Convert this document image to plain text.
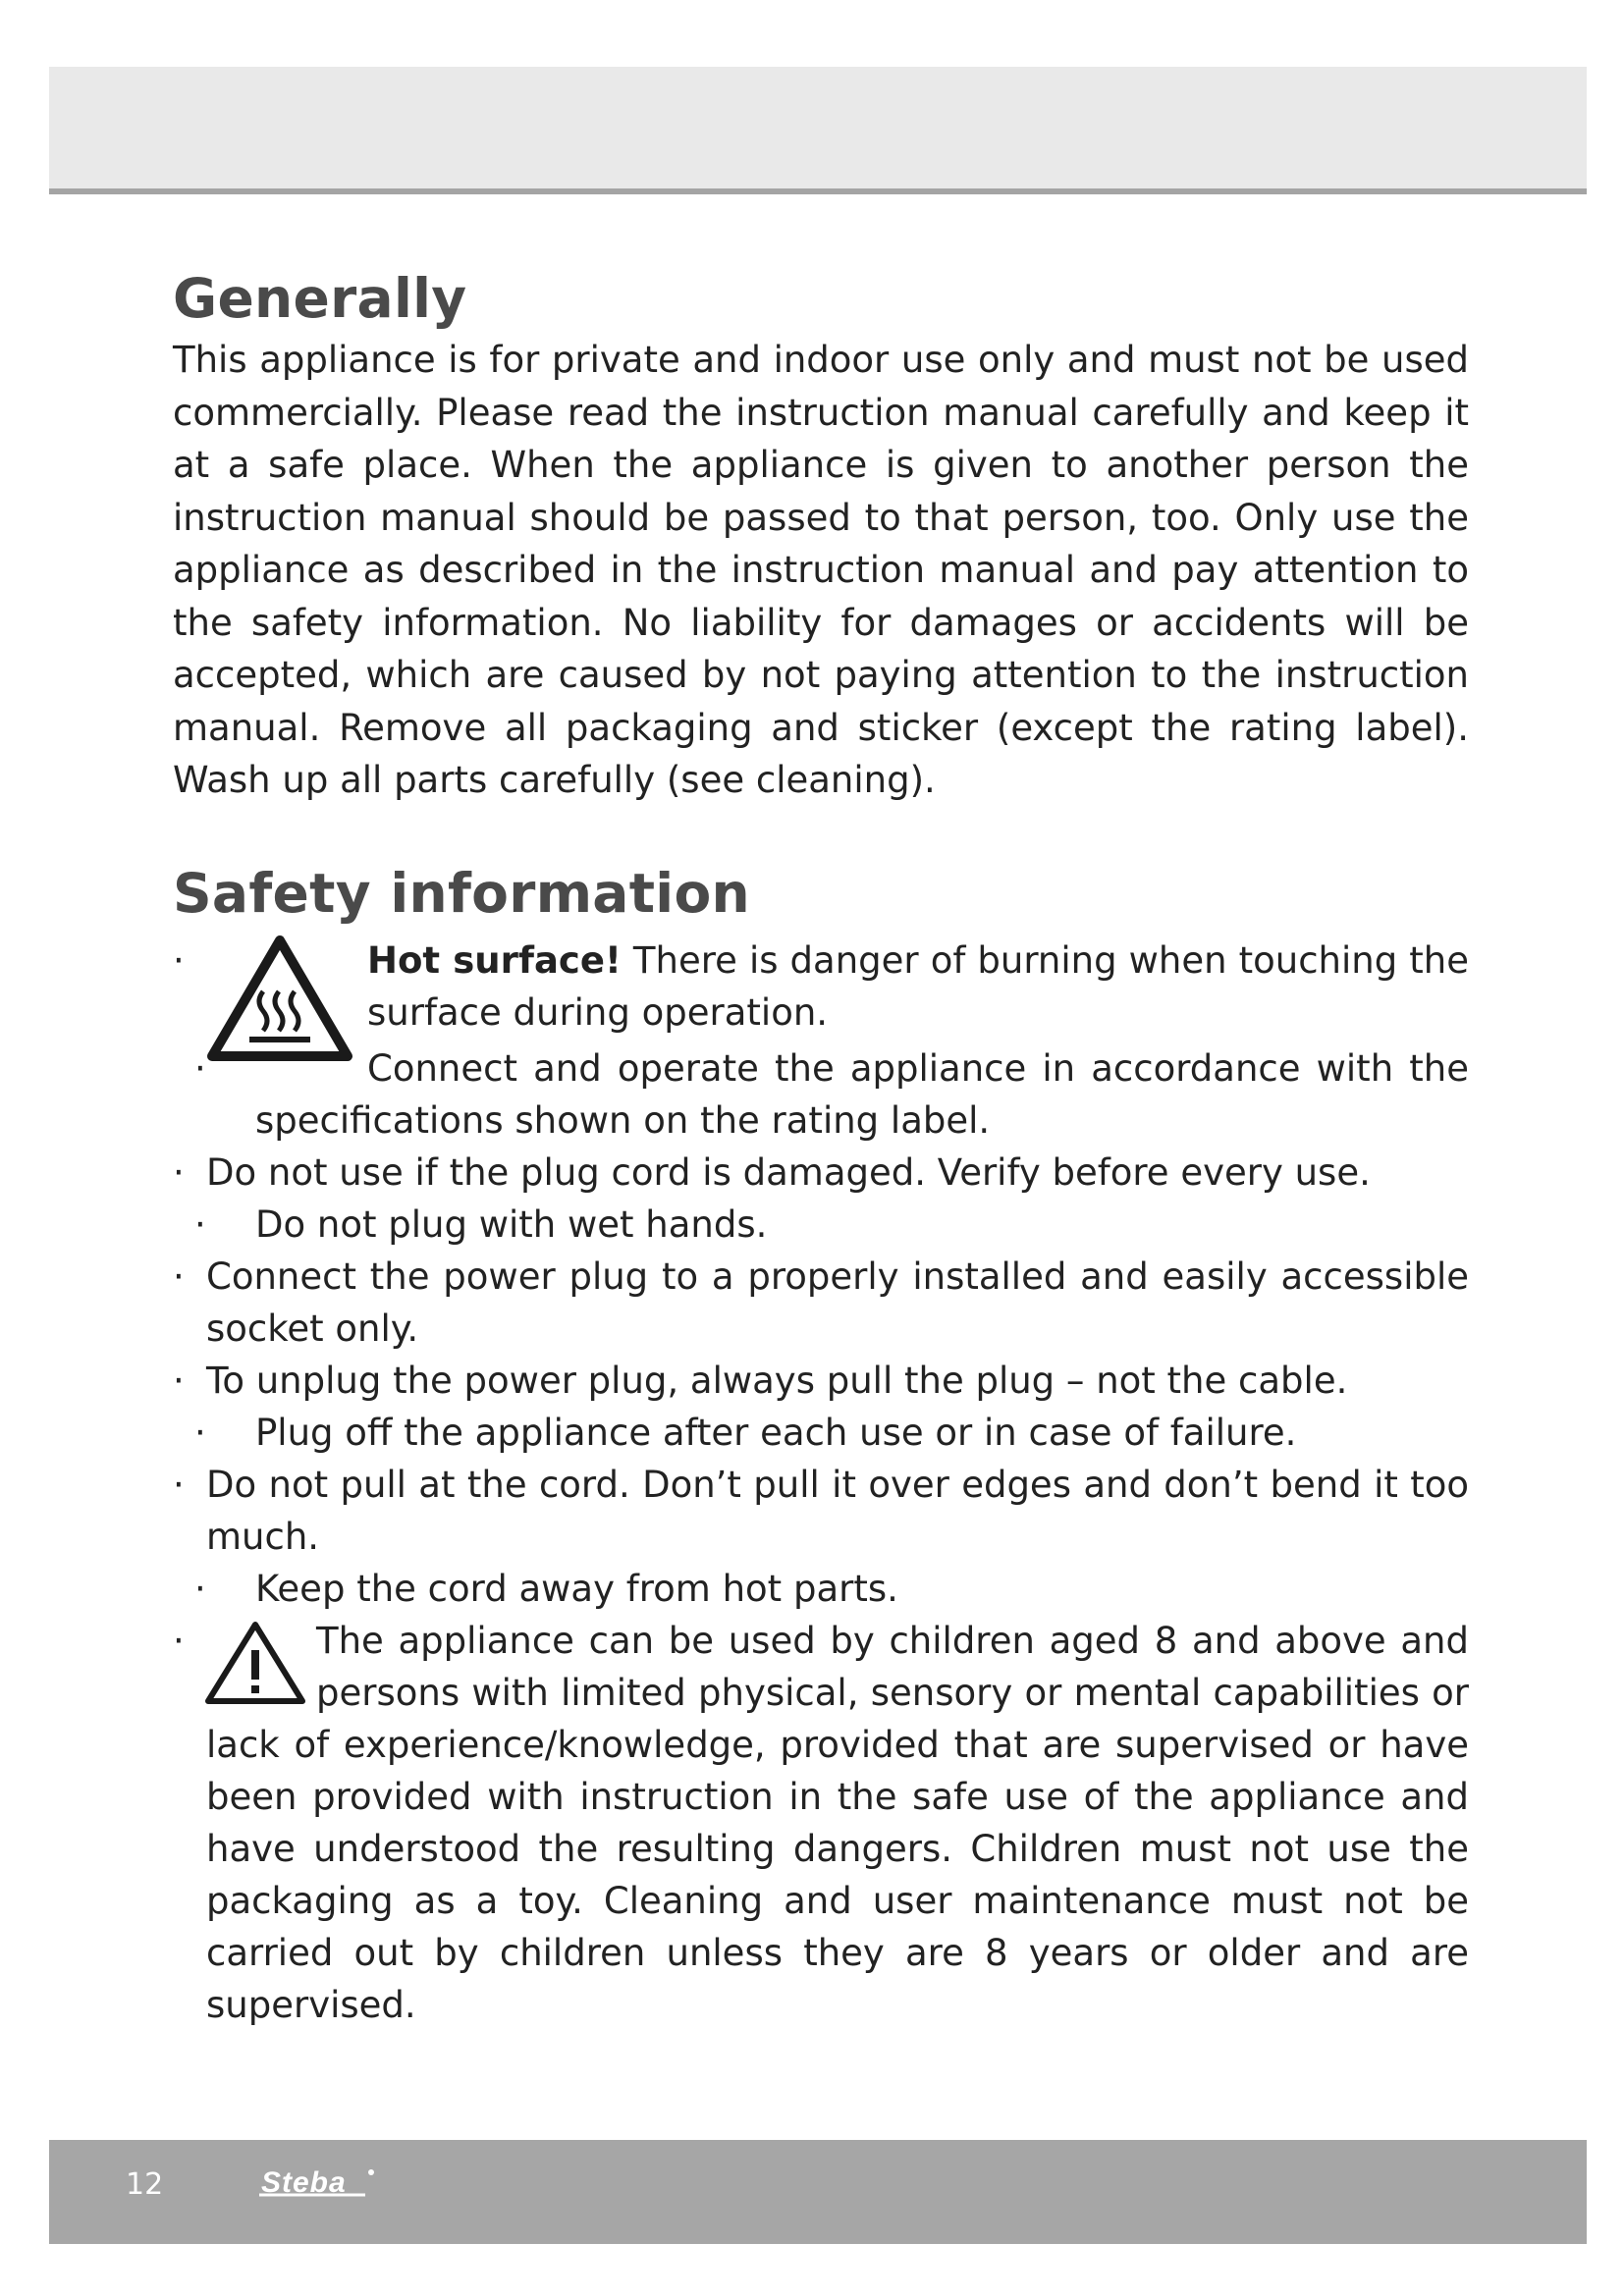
Generally

This appliance is for private and indoor use only and must not be used commercially. Please read the instruction manual carefully and keep it at a safe place. When the appliance is given to another person the instruction manual should be passed to that person, too. Only use the appliance as described in the instruction manual and pay attention to the safety information. No liability for damages or accidents will be accepted, which are caused by not paying attention to the instruction manual. Remove all packaging and sticker (except the rating label). Wash up all parts carefully (see cleaning).

Safety information
·	Hot surface! There is danger of burning when touching the surface during operation.
·	Connect and operate the appliance in accordance with the specifications shown on the rating label.
· Do not use if the plug cord is damaged. Verify before every use.
· Do not plug with wet hands.
· Connect the power plug to a properly installed and easily accessible socket only.
· To unplug the power plug, always pull the plug – not the cable.
· Plug off the appliance after each use or in case of failure.
· Do not pull at the cord. Don’t pull it over edges and don’t bend it too much.
· Keep the cord away from hot parts.
·	The appliance can be used by children aged 8 and above and persons with limited physical, sensory or mental capabilities or lack of experience/knowledge, provided that are supervised or have been provided with instruction in the safe use of the appliance and have understood the resulting dangers. Children must not use the packaging as a toy. Cleaning and user maintenance must not be carried out by children unless they are 8 years or older and are supervised.
12	Steba
